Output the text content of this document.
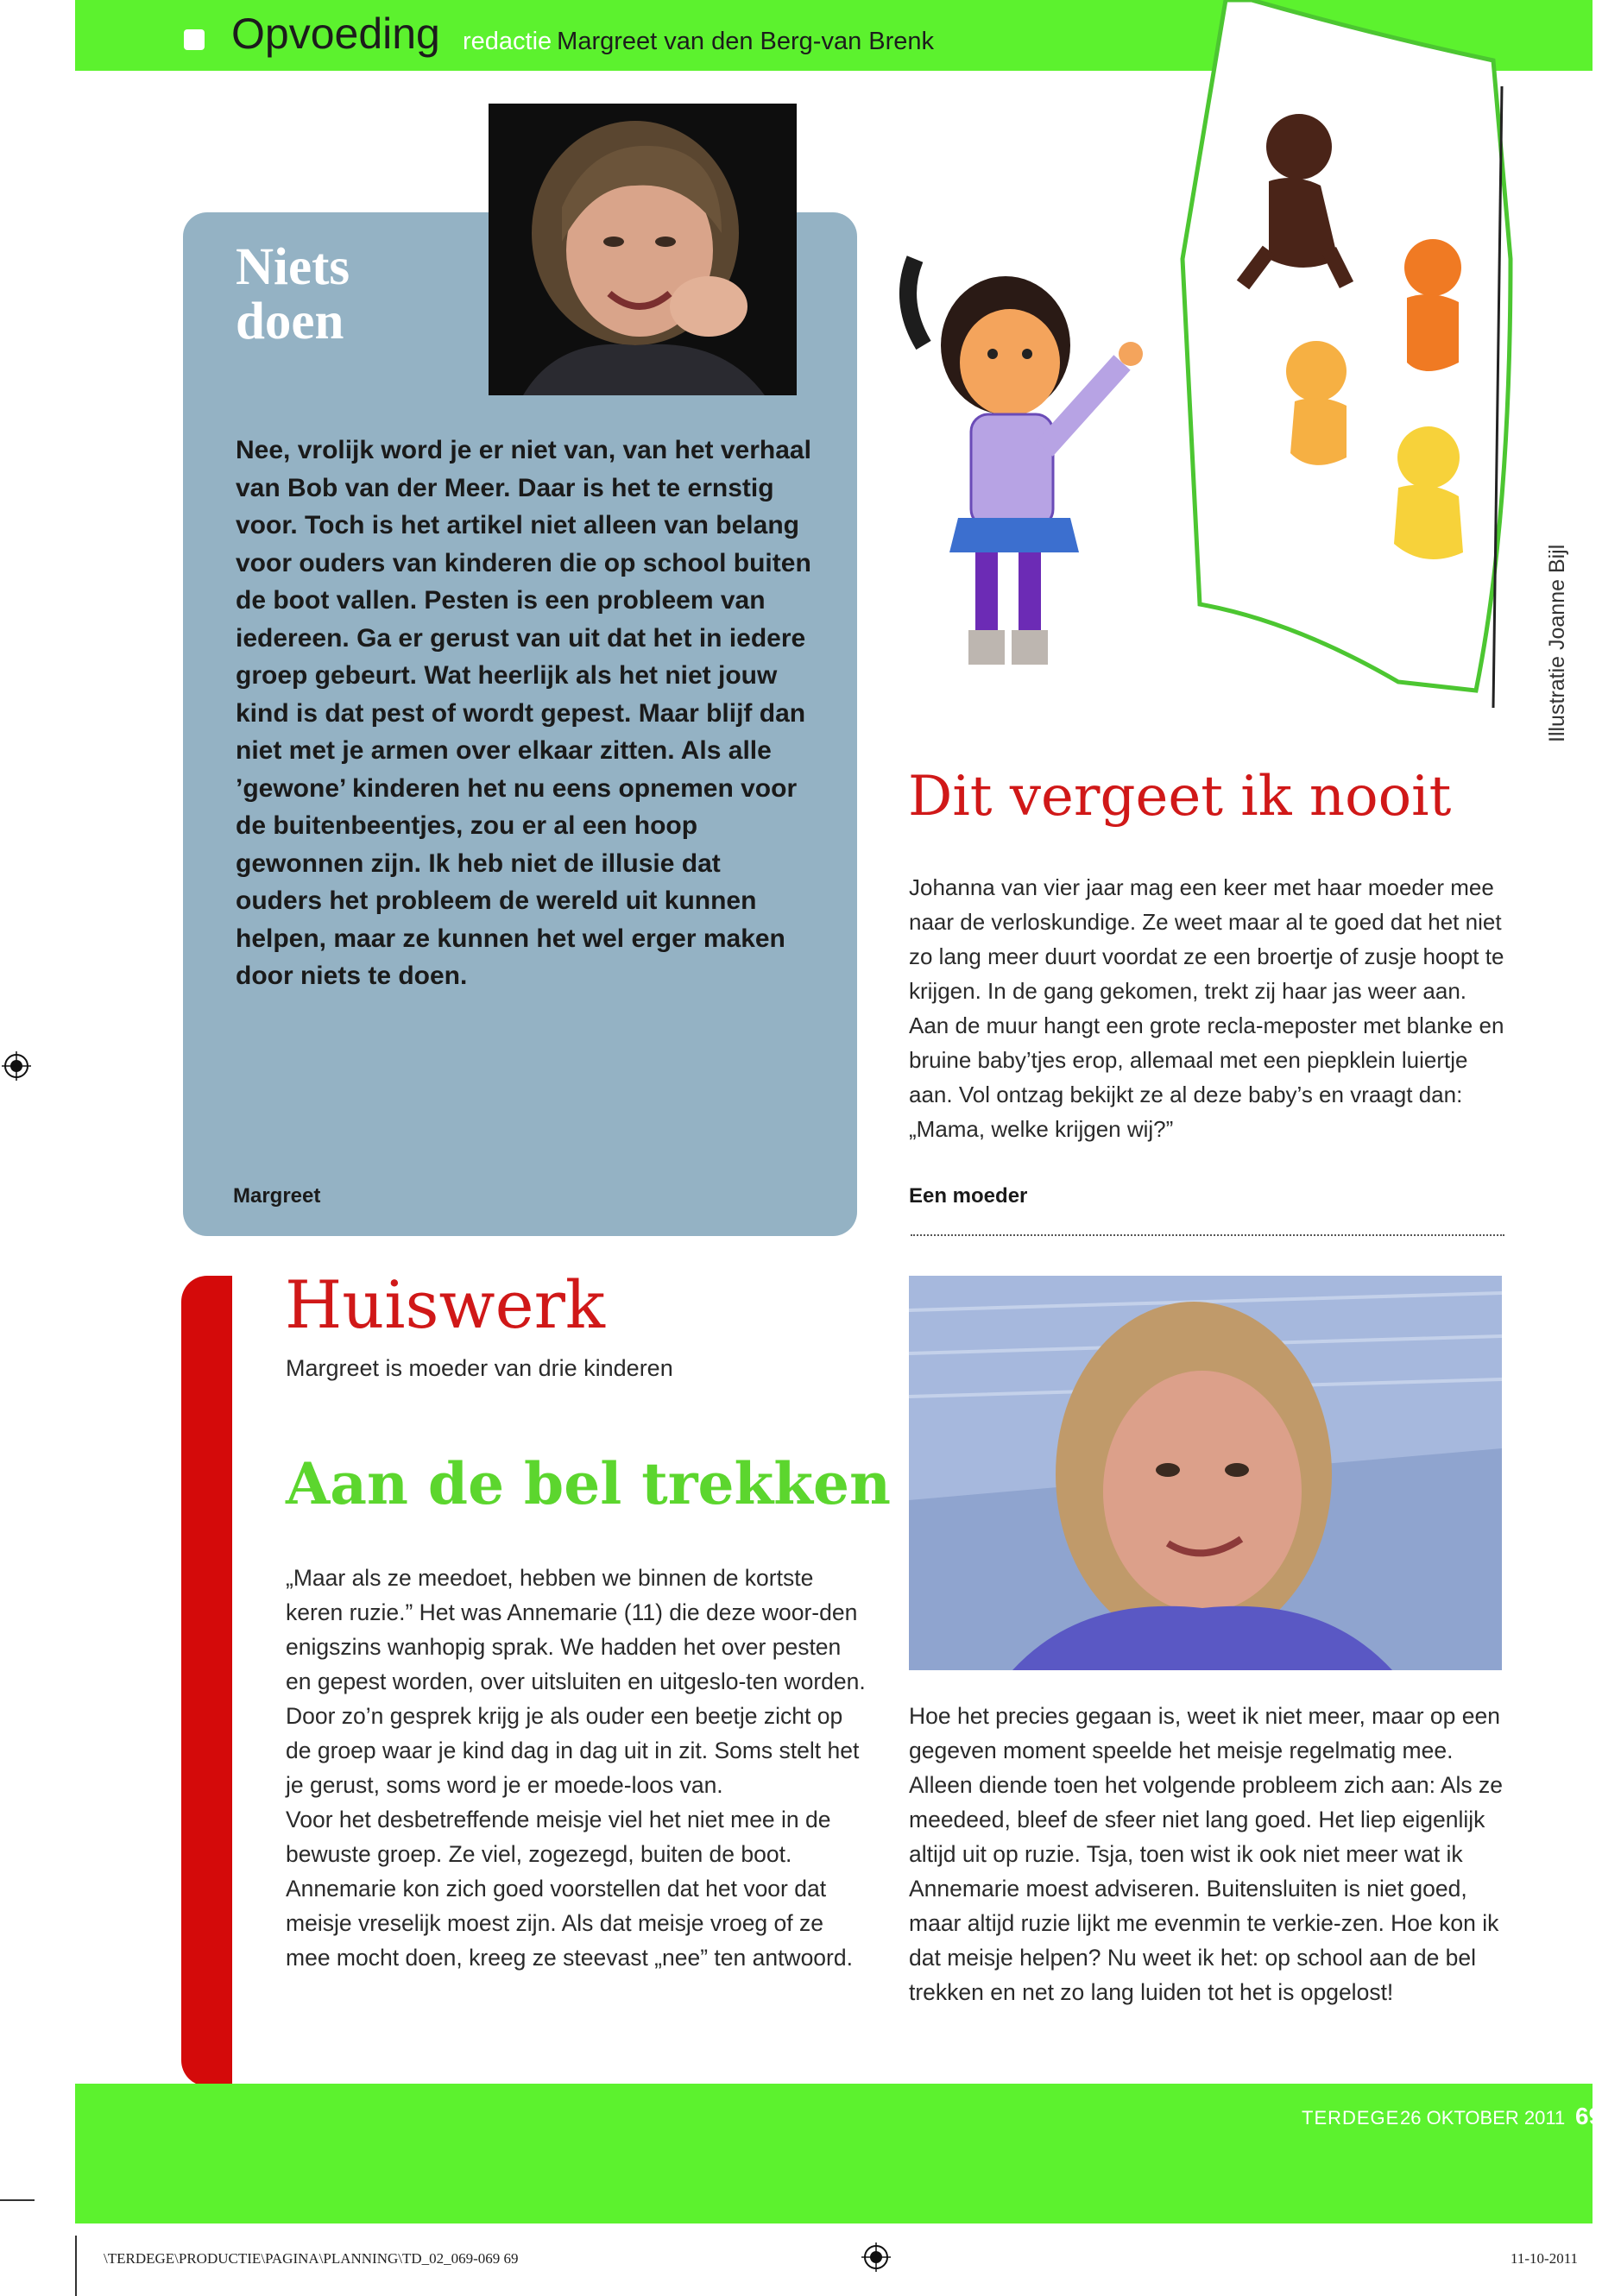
Opvoeding redactie Margreet van den Berg-van Brenk
Niets doen
Nee, vrolijk word je er niet van, van het verhaal van Bob van der Meer. Daar is het te ernstig voor. Toch is het artikel niet alleen van belang voor ouders van kinderen die op school buiten de boot vallen. Pesten is een probleem van iedereen. Ga er gerust van uit dat het in iedere groep gebeurt. Wat heerlijk als het niet jouw kind is dat pest of wordt gepest. Maar blijf dan niet met je armen over elkaar zitten. Als alle ’gewone’ kinderen het nu eens opnemen voor de buitenbeentjes, zou er al een hoop gewonnen zijn. Ik heb niet de illusie dat ouders het probleem de wereld uit kunnen helpen, maar ze kunnen het wel erger maken door niets te doen.
Margreet
Illustratie Joanne Bijl
Dit vergeet ik nooit
Johanna van vier jaar mag een keer met haar moeder mee naar de verloskundige. Ze weet maar al te goed dat het niet zo lang meer duurt voordat ze een broertje of zusje hoopt te krijgen. In de gang gekomen, trekt zij haar jas weer aan. Aan de muur hangt een grote recla-meposter met blanke en bruine baby’tjes erop, allemaal met een piepklein luiertje aan. Vol ontzag bekijkt ze al deze baby’s en vraagt dan: „Mama, welke krijgen wij?”
Een moeder
Huiswerk
Margreet is moeder van drie kinderen
Aan de bel trekken
„Maar als ze meedoet, hebben we binnen de kortste keren ruzie.” Het was Annemarie (11) die deze woor-den enigszins wanhopig sprak. We hadden het over pesten en gepest worden, over uitsluiten en uitgeslo-ten worden. Door zo’n gesprek krijg je als ouder een beetje zicht op de groep waar je kind dag in dag uit in zit. Soms stelt het je gerust, soms word je er moede-loos van.
Voor het desbetreffende meisje viel het niet mee in de bewuste groep. Ze viel, zogezegd, buiten de boot. Annemarie kon zich goed voorstellen dat het voor dat meisje vreselijk moest zijn. Als dat meisje vroeg of ze mee mocht doen, kreeg ze steevast „nee” ten antwoord.
Hoe het precies gegaan is, weet ik niet meer, maar op een gegeven moment speelde het meisje regelmatig mee. Alleen diende toen het volgende probleem zich aan: Als ze meedeed, bleef de sfeer niet lang goed. Het liep eigenlijk altijd uit op ruzie. Tsja, toen wist ik ook niet meer wat ik Annemarie moest adviseren. Buitensluiten is niet goed, maar altijd ruzie lijkt me evenmin te verkie-zen. Hoe kon ik dat meisje helpen? Nu weet ik het: op school aan de bel trekken en net zo lang luiden tot het is opgelost!
TERDEGE 26 OKTOBER 2011 69
\TERDEGE\PRODUCTIE\PAGINA\PLANNING\TD_02_069-069 69	11-10-2011
